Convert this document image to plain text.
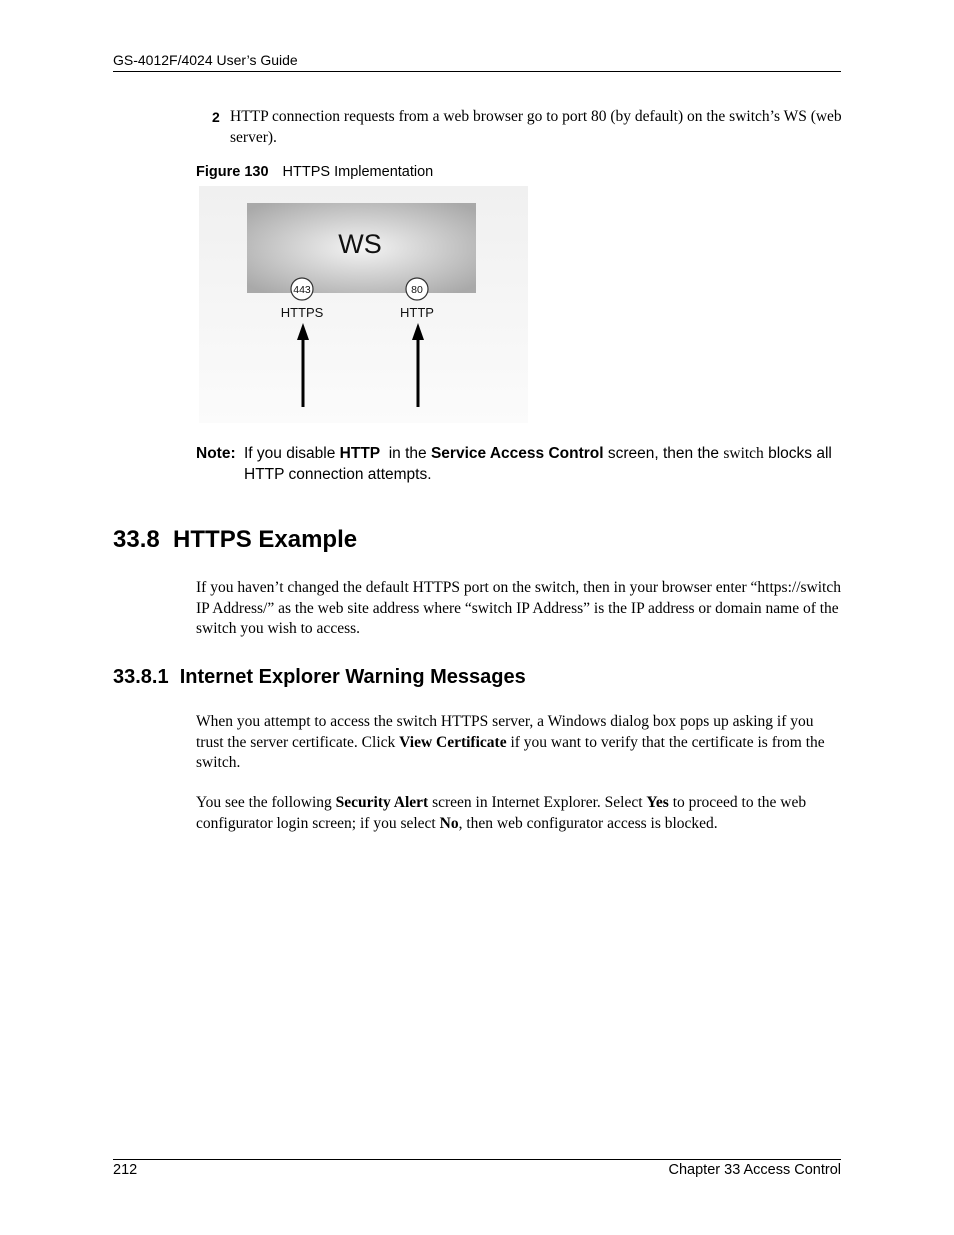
GS-4012F/4024 User’s Guide
2 HTTP connection requests from a web browser go to port 80 (by default) on the switch’s WS (web server).
Figure 130 HTTPS Implementation
WS
443	80
HTTPS	HTTP
Note: If you disable HTTP  in the Service Access Control screen, then the switch blocks all HTTP connection attempts.
33.8  HTTPS Example
If you haven’t changed the default HTTPS port on the switch, then in your browser enter “https://switch IP Address/” as the web site address where “switch IP Address” is the IP address or domain name of the switch you wish to access.
33.8.1  Internet Explorer Warning Messages
When you attempt to access the switch HTTPS server, a Windows dialog box pops up asking if you trust the server certificate. Click View Certificate if you want to verify that the certificate is from the switch.
You see the following Security Alert screen in Internet Explorer. Select Yes to proceed to the web configurator login screen; if you select No, then web configurator access is blocked.
212	Chapter 33 Access Control
